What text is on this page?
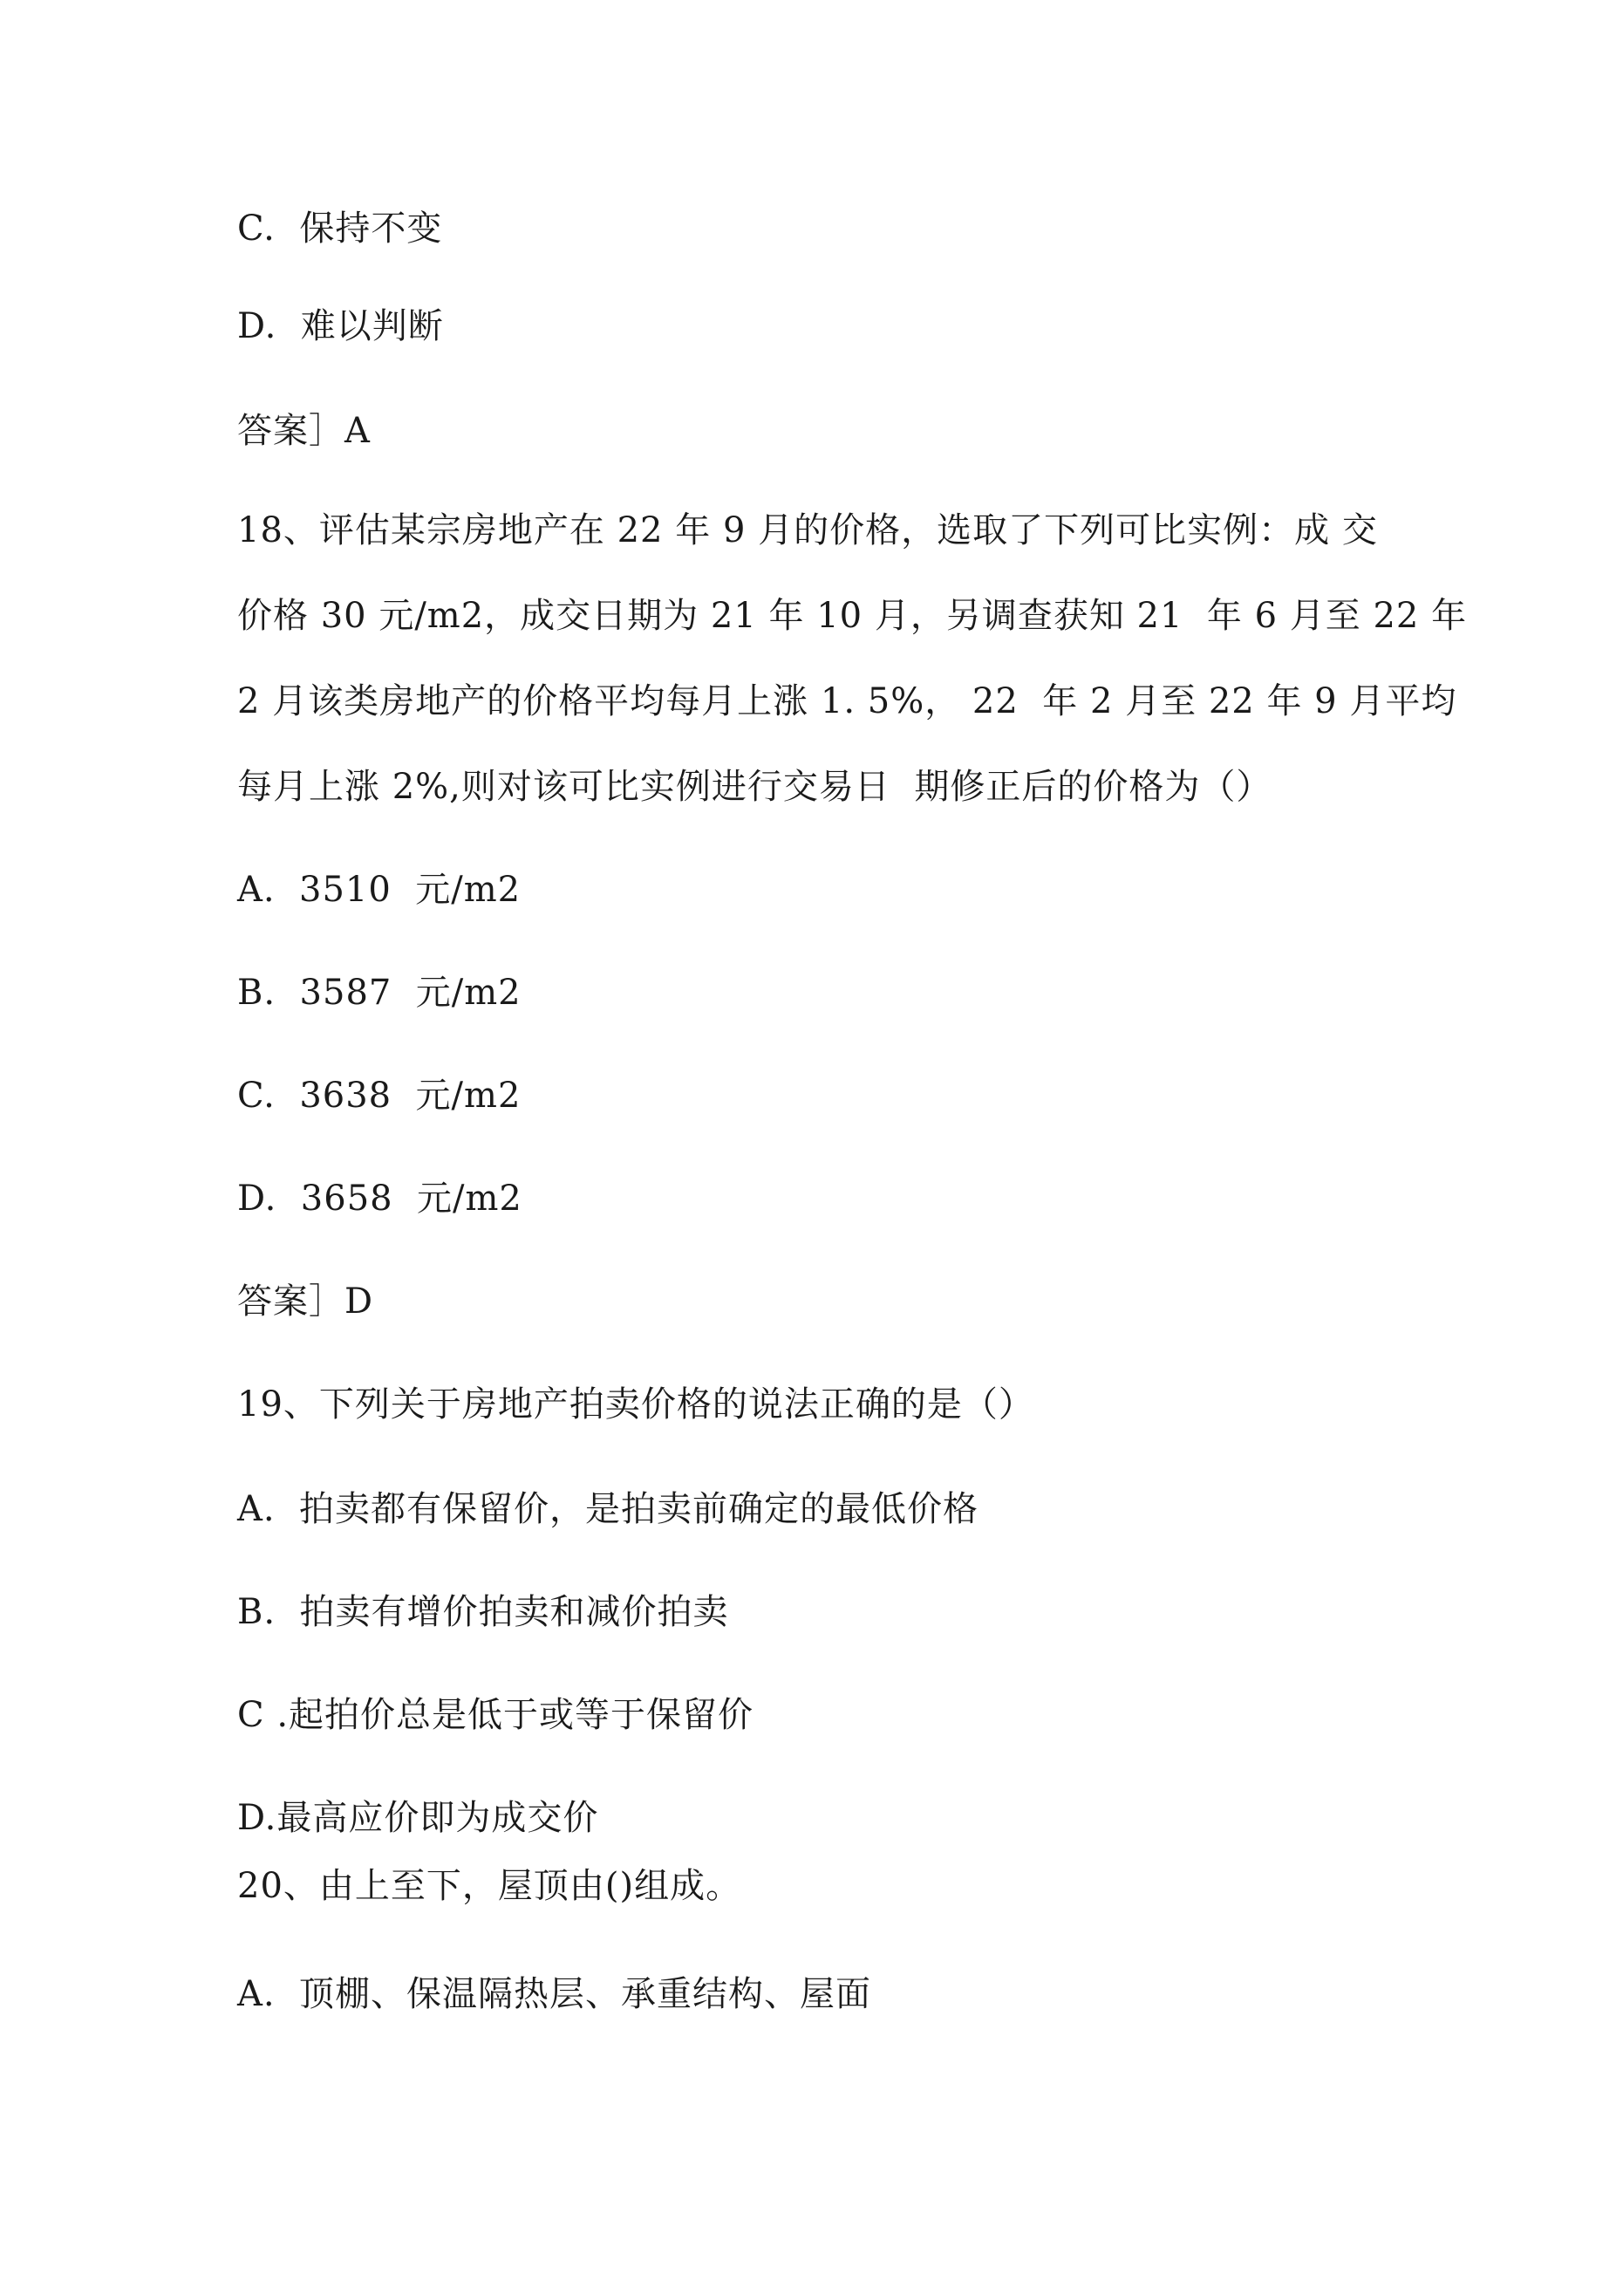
C.  保持不变
D.  难以判断
答案］A
18、评估某宗房地产在 22 年 9 月的价格，选取了下列可比实例：成 交
价格 30 元/m2，成交日期为 21 年 10 月，另调查获知 21  年 6 月至 22 年
2 月该类房地产的价格平均每月上涨 1. 5%， 22  年 2 月至 22 年 9 月平均
每月上涨 2%,则对该可比实例进行交易日  期修正后的价格为（）
A.  3510  元/m2
B.  3587  元/m2
C.  3638  元/m2
D.  3658  元/m2
答案］D
19、下列关于房地产拍卖价格的说法正确的是（）
A.  拍卖都有保留价，是拍卖前确定的最低价格
B.  拍卖有增价拍卖和减价拍卖
C .起拍价总是低于或等于保留价
D.最高应价即为成交价
20、由上至下，屋顶由()组成。
A.  顶棚、保温隔热层、承重结构、屋面
